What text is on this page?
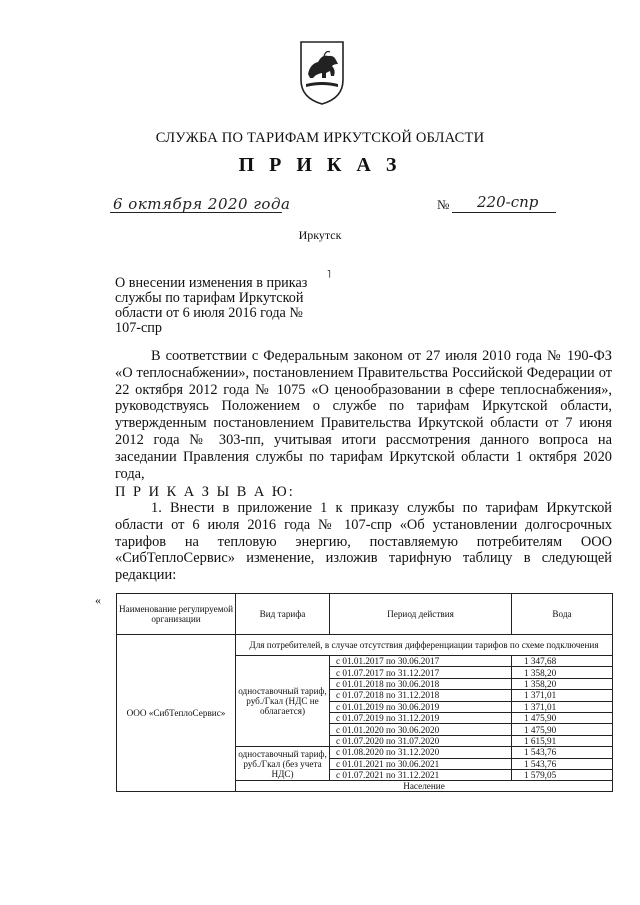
СЛУЖБА ПО ТАРИФАМ ИРКУТСКОЙ ОБЛАСТИ
П Р И К А З
6 октября 2020 года	№ 220-спр
Иркутск
О внесении изменения в приказ службы по тарифам Иркутской области от 6 июля 2016 года № 107-спр
˥
В соответствии с Федеральным законом от 27 июля 2010 года № 190-ФЗ «О теплоснабжении», постановлением Правительства Российской Федерации от 22 октября 2012 года № 1075 «О ценообразовании в сфере теплоснабжения», руководствуясь Положением о службе по тарифам Иркутской области, утвержденным постановлением Правительства Иркутской области от 7 июня 2012 года № 303-пп, учитывая итоги рассмотрения данного вопроса на заседании Правления службы по тарифам Иркутской области 1 октября 2020 года,
П Р И К А З Ы В А Ю:
1. Внести в приложение 1 к приказу службы по тарифам Иркутской области от 6 июля 2016 года № 107-спр «Об установлении долгосрочных тарифов на тепловую энергию, поставляемую потребителям ООО «СибТеплоСервис» изменение, изложив тарифную таблицу в следующей редакции:
«
Наименование регулируемой организации	Вид тарифа	Период действия	Вода
ООО «СибТеплоСервис»	Для потребителей, в случае отсутствия дифференциации тарифов по схеме подключения		
	одноставочный тариф, руб./Гкал (НДС не облагается)	с 01.01.2017 по 30.06.2017	1 347,68
		с 01.07.2017 по 31.12.2017	1 358,20
		с 01.01.2018 по 30.06.2018	1 358,20
		с 01.07.2018 по 31.12.2018	1 371,01
		с 01.01.2019 по 30.06.2019	1 371,01
		с 01.07.2019 по 31.12.2019	1 475,90
		с 01.01.2020 по 30.06.2020	1 475,90
		с 01.07.2020 по 31.07.2020	1 615,91
	одноставочный тариф, руб./Гкал (без учета НДС)	с 01.08.2020 по 31.12.2020	1 543,76
		с 01.01.2021 по 30.06.2021	1 543,76
		с 01.07.2021 по 31.12.2021	1 579,05
	Население		
